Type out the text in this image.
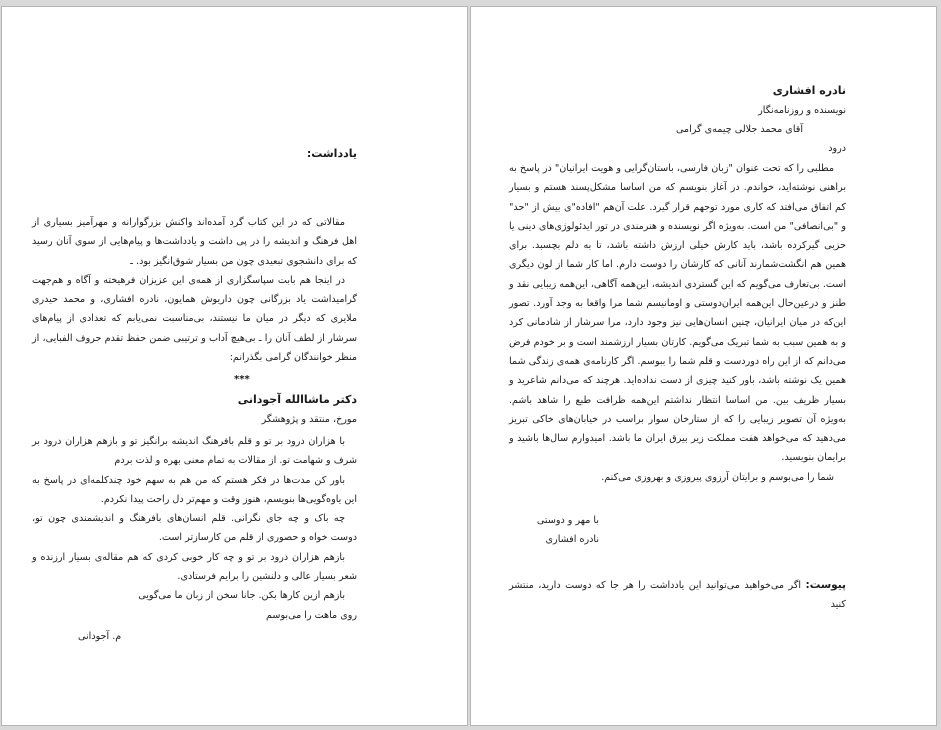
یادداشت:

مقالاتی که در این کتاب گرد آمده‌اند واکنش بزرگوارانه و مهرآمیز بسیاری از اهل فرهنگ و اندیشه را در پی داشت و یادداشت‌ها و پیام‌هایی از سوی آنان رسید که برای دانشجوی تبعیدی چون من بسیار شوق‌انگیز بود. ـ

در اینجا هم بابت سپاسگزاری از همه‌ی این عزیزان فرهیخته و آگاه و هم‌جهت گرامیداشت یاد بزرگانی چون داریوش همایون، نادره افشاری، و محمد حیدری ملایری که دیگر در میان ما نیستند، بی‌مناسبت نمی‌یابم که تعدادی از پیام‌های سرشار از لطف آنان را ـ بی‌هیچ آداب و ترتیبی ضمن حفظ تقدم حروف الفبایی، از منظر خوانندگان گرامی بگذرانم:

***
دکتر ماشاالله آجودانی
مورخ، منتقد و پژوهشگر

با هزاران درود بر تو و قلم بافرهنگ اندیشه برانگیز تو و بازهم هزاران درود بر شرف و شهامت تو. از مقالات به تمام معنی بهره و لذت بردم

باور کن مدت‌ها در فکر هستم که من هم به سهم خود چندکلمه‌ای در پاسخ به این یاوه‌گویی‌ها بنویسم، هنوز وقت و مهم‌تر دل راحت پیدا نکردم.

چه باک و چه جای نگرانی. قلم انسان‌های بافرهنگ و اندیشمندی چون تو، دوست خواه و حصوری از قلم من کارسازتر است.

بازهم هزاران درود بر تو و چه کار خوبی کردی که هم مقاله‌ی بسیار ارزنده و شعر بسیار عالی و دلنشین را برایم فرستادی.

بازهم ازین کارها بکن. جانا سخن از زبان ما می‌گویی

روی ماهت را می‌بوسم

م. آجودانی
نادره افشاری
نویسنده و روزنامه‌نگار
آقای محمد جلالی چیمه‌ی گرامی
درود

مطلبی را که تحت عنوان "زبان فارسی، باستان‌گرایی و هویت ایرانیان" در پاسخ به براهنی نوشته‌اید، خواندم. در آغاز بنویسم که من اساسا مشکل‌پسند هستم و بسیار کم اتفاق می‌افتد که کاری مورد توجهم قرار گیرد. علت آن‌هم "افاده"ی بیش از "حد" و "بی‌انصافی" من است. به‌ویژه اگر نویسنده و هنرمندی در تور ایدئولوژی‌های دینی یا حزبی گیرکرده باشد، باید کارش خیلی ارزش داشته باشد، تا به دلم بچسبد. برای همین هم انگشت‌شمارند آنانی که کارشان را دوست دارم. اما کار شما از لون دیگری است. بی‌تعارف می‌گویم که این گستردی اندیشه، این‌همه آگاهی، این‌همه زیبایی نقد و طنز و درعین‌حال این‌همه ایران‌دوستی و اومانیسم شما مرا واقعا به وجد آورد. تصور این‌که در میان ایرانیان، چنین انسان‌هایی نیز وجود دارد، مرا سرشار از شادمانی کرد و به همین سبب به شما تبریک می‌گویم. کارتان بسیار ارزشمند است و بر خودم فرض می‌دانم که از این راه دوردست و قلم شما را ببوسم. اگر کارنامه‌ی همه‌ی زندگی شما همین یک نوشته باشد، باور کنید چیزی از دست نداده‌اید. هرچند که می‌دانم شاعرید و بسیار ظریف بین. من اساسا انتظار نداشتم این‌همه ظرافت طبع را شاهد باشم. به‌ویژه آن تصویر زیبایی را که از ستارخان سوار براسب در خیابان‌های خاکی تبریز می‌دهید که می‌خواهد هفت مملکت زیر بیرق ایران ما باشد. امیدوارم سال‌ها باشید و برایمان بنویسید.

شما را می‌بوسم و برایتان آرزوی پیروزی و بهروزی می‌کنم.

با مهر و دوستی
نادره افشاری
پیوست: اگر می‌خواهید می‌توانید این یادداشت را هر جا که دوست دارید، منتشر کنید
